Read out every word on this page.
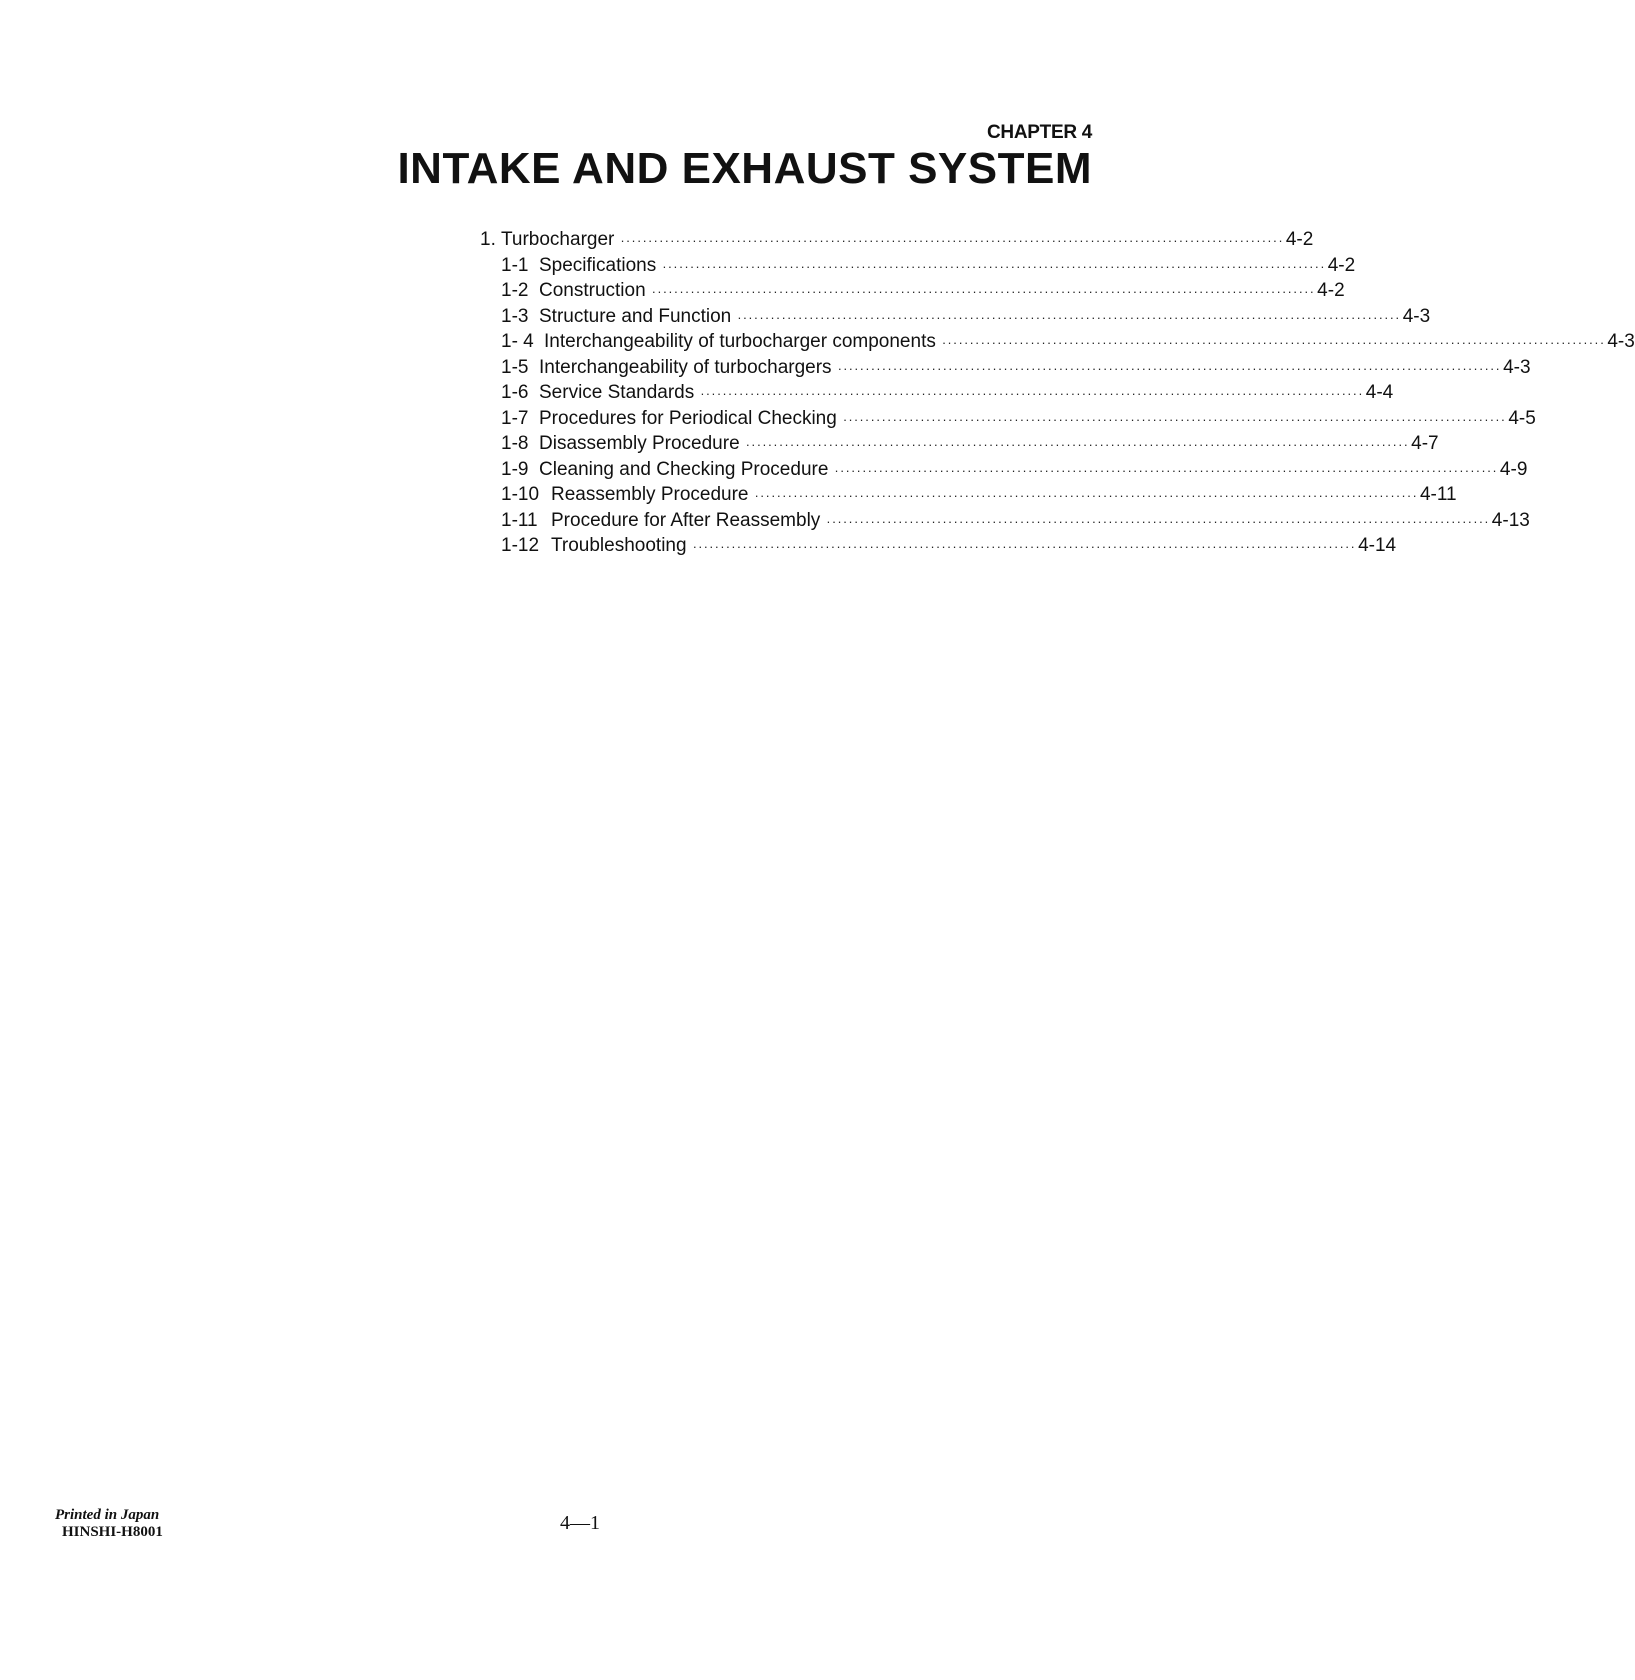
CHAPTER 4
INTAKE AND EXHAUST SYSTEM
1. Turbocharger ························································································································ 4-2
1-1 Specifications ························································································································ 4-2
1-2 Construction ························································································································ 4-2
1-3 Structure and Function ························································································································ 4-3
1- 4 Interchangeability of turbocharger components ························································································································ 4-3
1-5 Interchangeability of turbochargers ························································································································ 4-3
1-6 Service Standards ························································································································ 4-4
1-7 Procedures for Periodical Checking ························································································································ 4-5
1-8 Disassembly Procedure ························································································································ 4-7
1-9 Cleaning and Checking Procedure ························································································································ 4-9
1-10 Reassembly Procedure ························································································································ 4-11
1-11 Procedure for After Reassembly ························································································································ 4-13
1-12 Troubleshooting ························································································································ 4-14
Printed in Japan
HINSHI-H8001	4—1
